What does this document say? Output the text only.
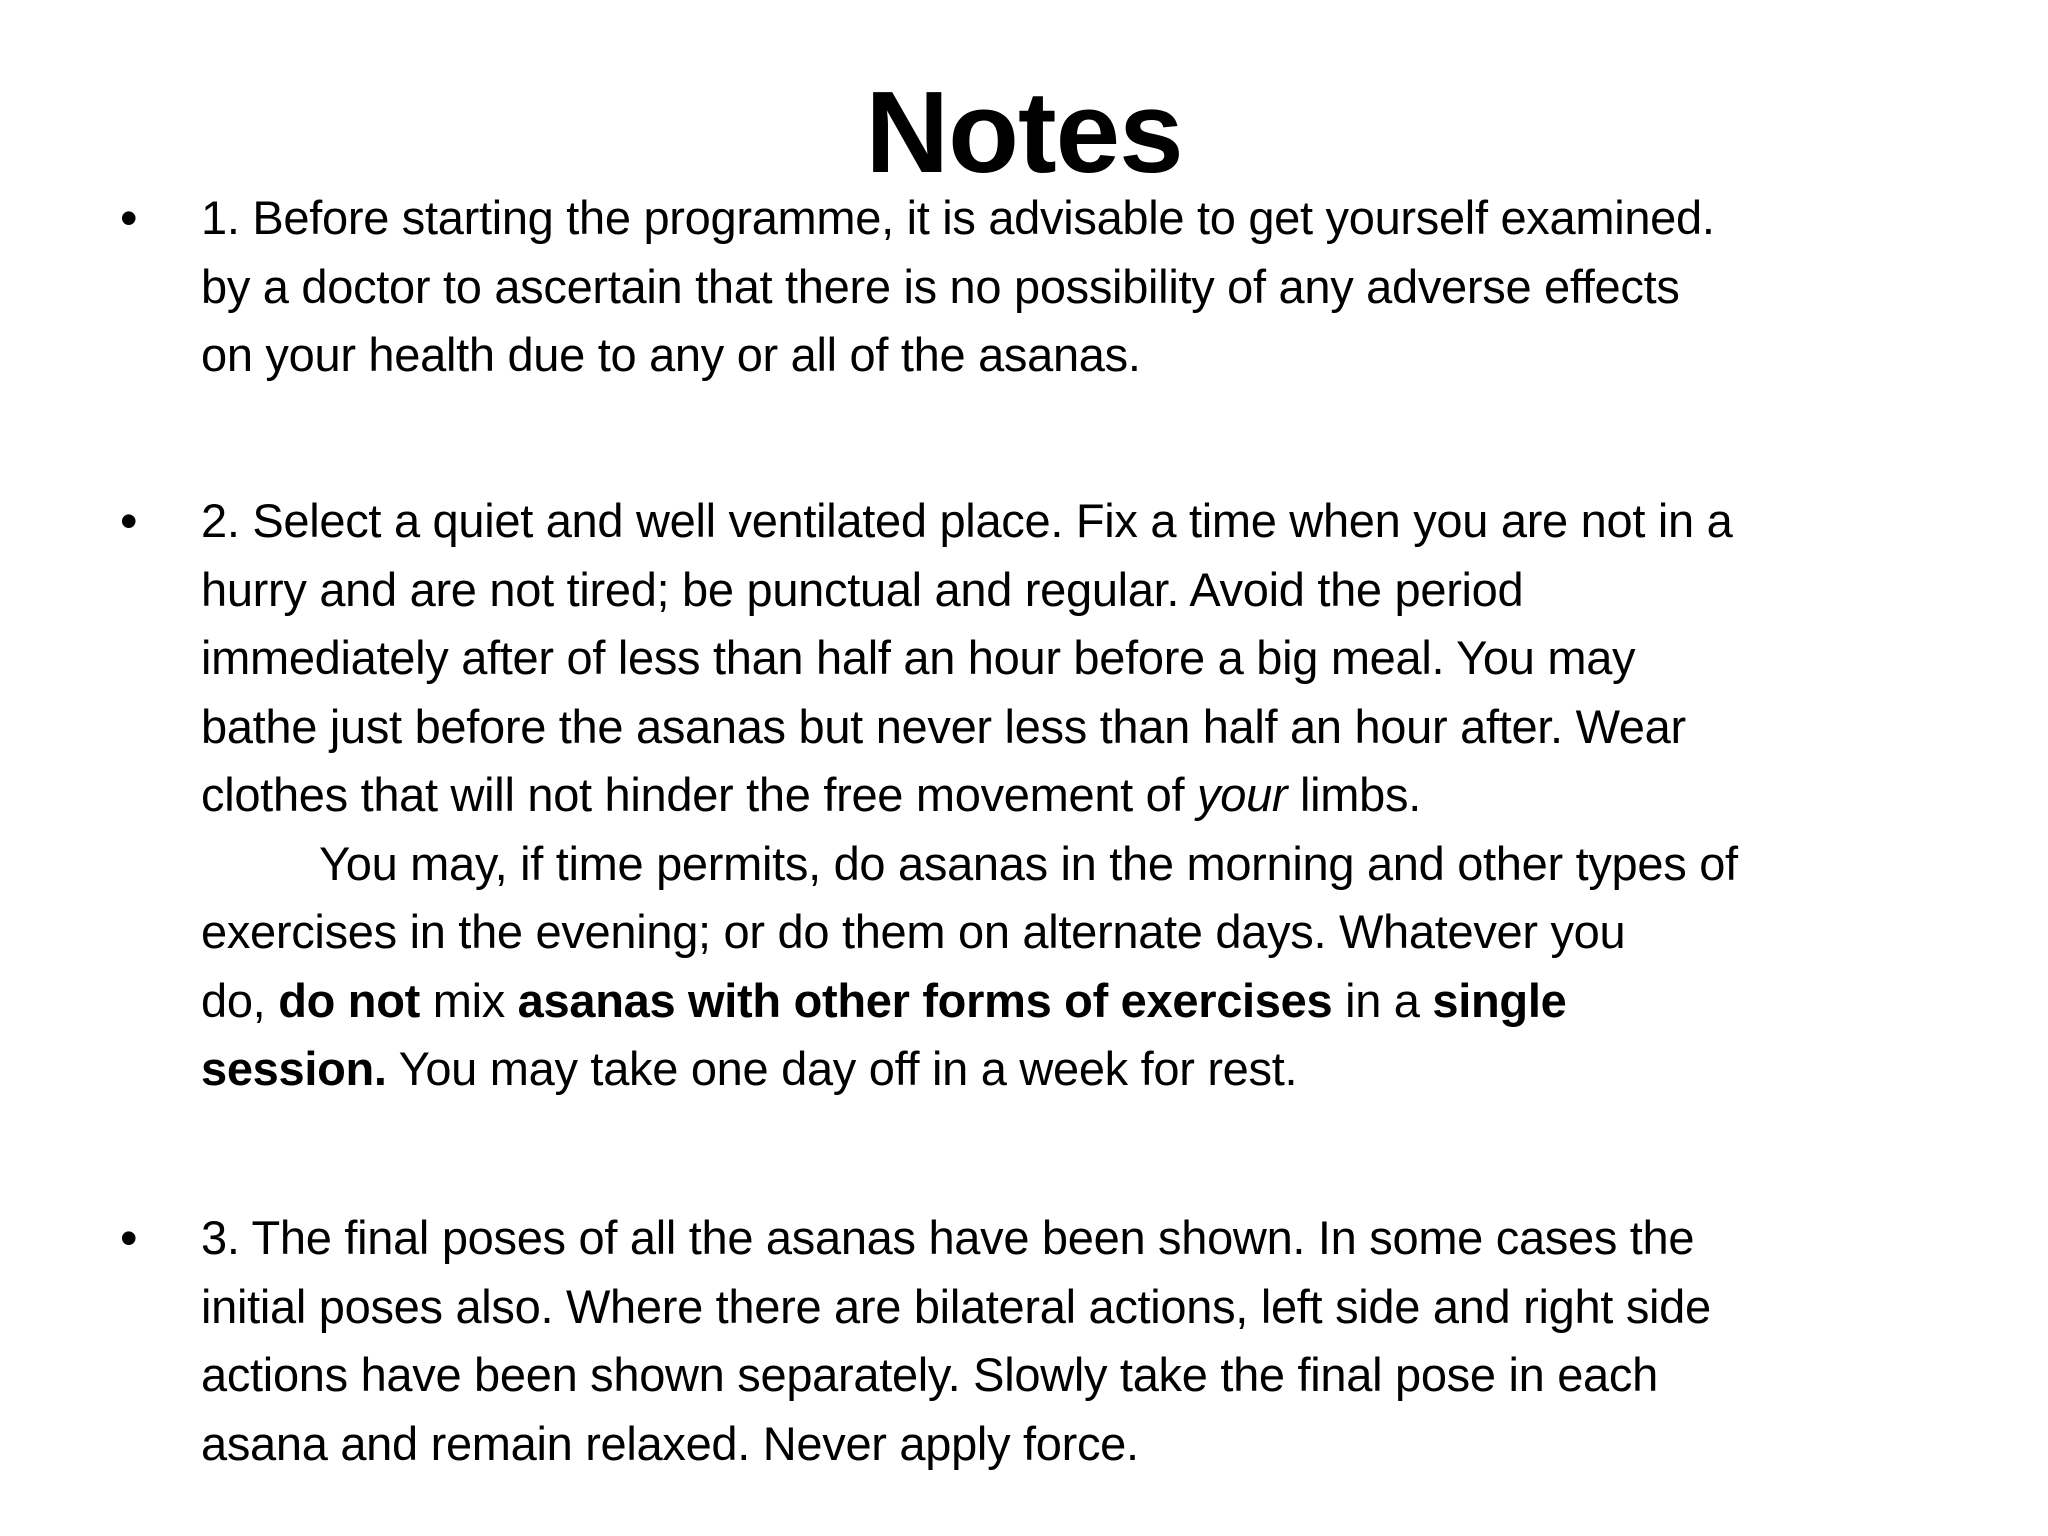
Notes
• 1. Before starting the programme, it is advisable to get yourself examined.
by a doctor to ascertain that there is no possibility of any adverse effects
on your health due to any or all of the asanas.
• 2. Select a quiet and well ventilated place. Fix a time when you are not in a
hurry and are not tired; be punctual and regular. Avoid the period
immediately after of less than half an hour before a big meal. You may
bathe just before the asanas but never less than half an hour after. Wear
clothes that will not hinder the free movement of your limbs.
You may, if time permits, do asanas in the morning and other types of
exercises in the evening; or do them on alternate days. Whatever you
do, do not mix asanas with other forms of exercises in a single
session. You may take one day off in a week for rest.
• 3. The final poses of all the asanas have been shown. In some cases the
initial poses also. Where there are bilateral actions, left side and right side
actions have been shown separately. Slowly take the final pose in each
asana and remain relaxed. Never apply force.
